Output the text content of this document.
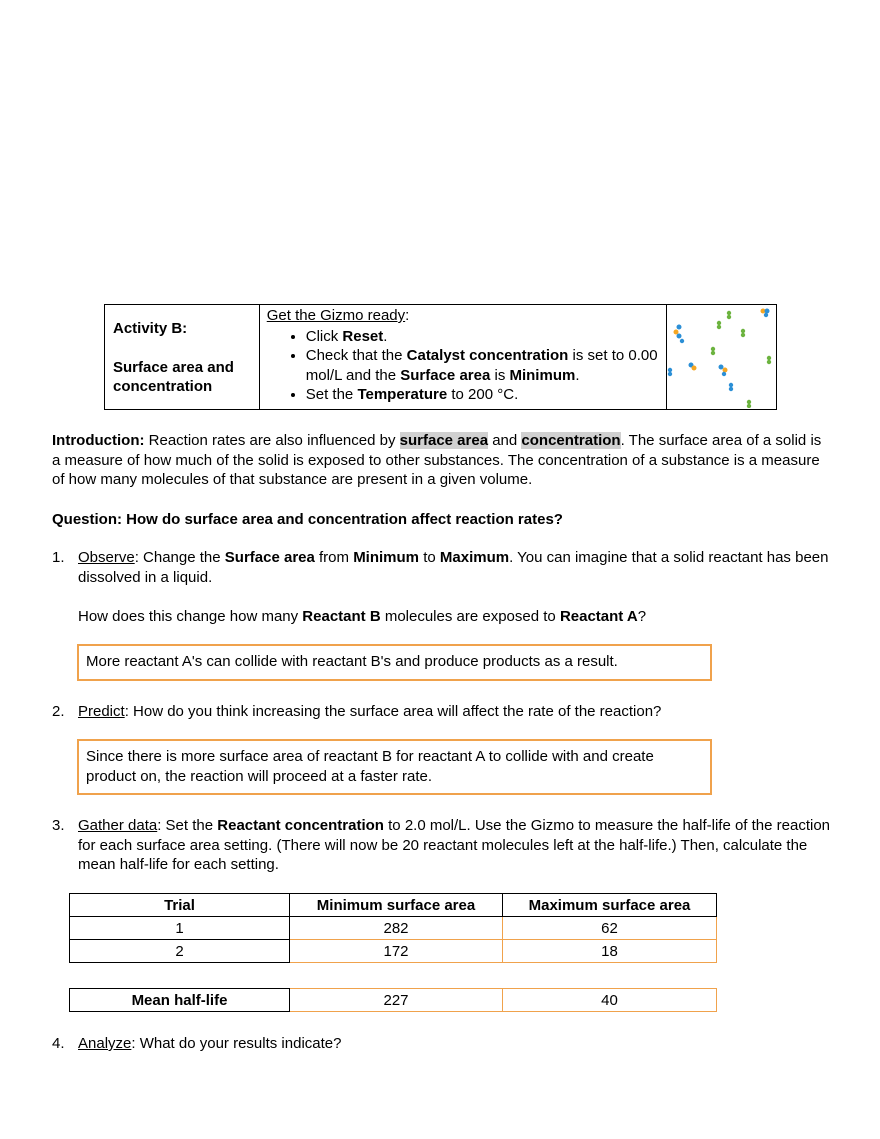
Activity B:
Surface area and
concentration
Get the Gizmo ready:
• Click Reset.
• Check that the Catalyst concentration is set to 0.00 mol/L and the Surface area is Minimum.
• Set the Temperature to 200 °C.
Introduction: Reaction rates are also influenced by surface area and concentration. The surface area of a solid is a measure of how much of the solid is exposed to other substances. The concentration of a substance is a measure of how many molecules of that substance are present in a given volume.
Question: How do surface area and concentration affect reaction rates?
1. Observe: Change the Surface area from Minimum to Maximum. You can imagine that a solid reactant has been dissolved in a liquid.
How does this change how many Reactant B molecules are exposed to Reactant A?
More reactant A's can collide with reactant B's and produce products as a result.
2. Predict: How do you think increasing the surface area will affect the rate of the reaction?
Since there is more surface area of reactant B for reactant A to collide with and create product on, the reaction will proceed at a faster rate.
3. Gather data: Set the Reactant concentration to 2.0 mol/L. Use the Gizmo to measure the half-life of the reaction for each surface area setting. (There will now be 20 reactant molecules left at the half-life.) Then, calculate the mean half-life for each setting.
Trial	Minimum surface area	Maximum surface area
1	282	62
2	172	18
Mean half-life	227	40
4. Analyze: What do your results indicate?
